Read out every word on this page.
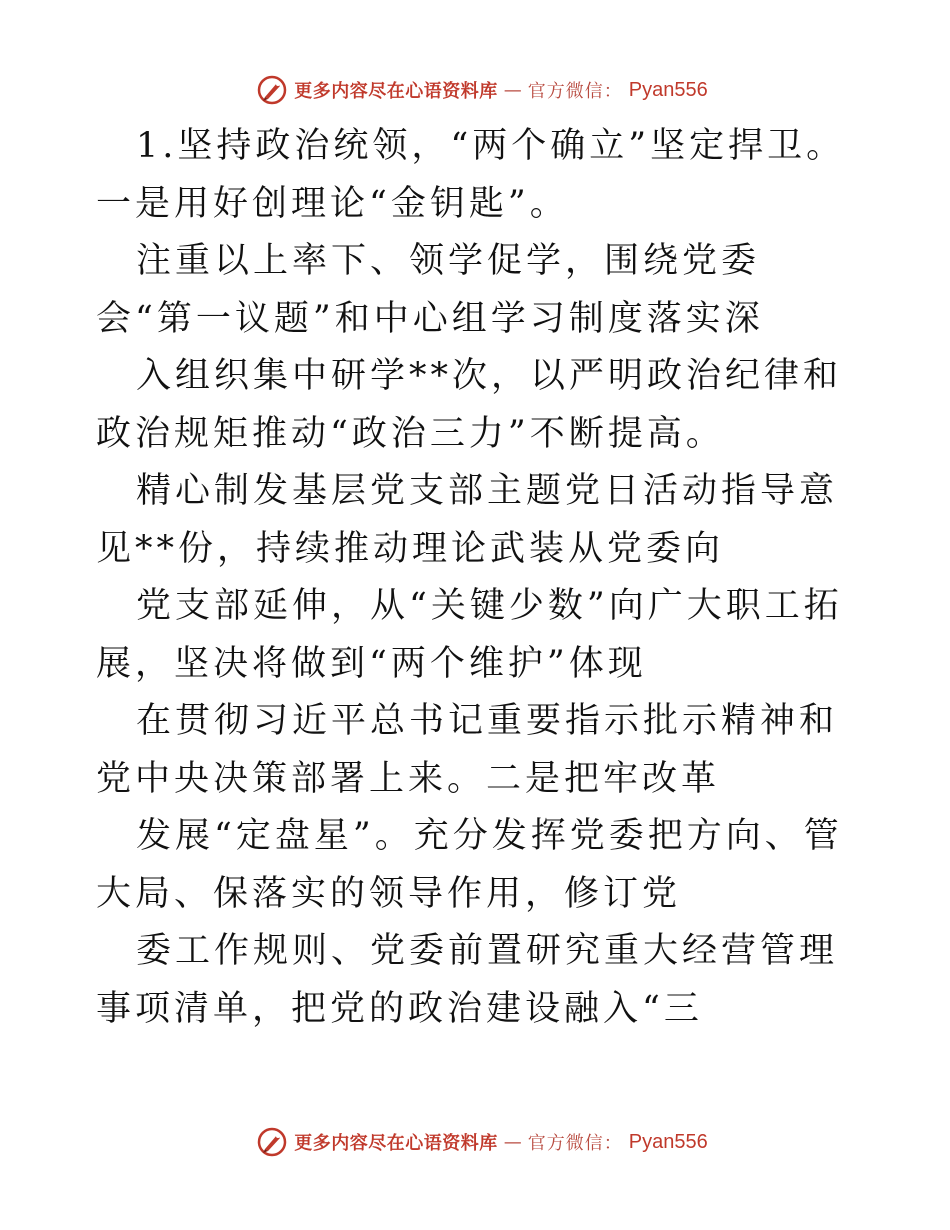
更多内容尽在心语资料库 — 官方微信： Pyan556

1.坚持政治统领，“两个确立”坚定捍卫。一是用好创理论“金钥匙”。

注重以上率下、领学促学，围绕党委会“第一议题”和中心组学习制度落实深

入组织集中研学**次，以严明政治纪律和政治规矩推动“政治三力”不断提高。

精心制发基层党支部主题党日活动指导意见**份，持续推动理论武装从党委向

党支部延伸，从“关键少数”向广大职工拓展，坚决将做到“两个维护”体现

在贯彻习近平总书记重要指示批示精神和党中央决策部署上来。二是把牢改革

发展“定盘星”。充分发挥党委把方向、管大局、保落实的领导作用，修订党

委工作规则、党委前置研究重大经营管理事项清单，把党的政治建设融入“三

更多内容尽在心语资料库 — 官方微信： Pyan556
